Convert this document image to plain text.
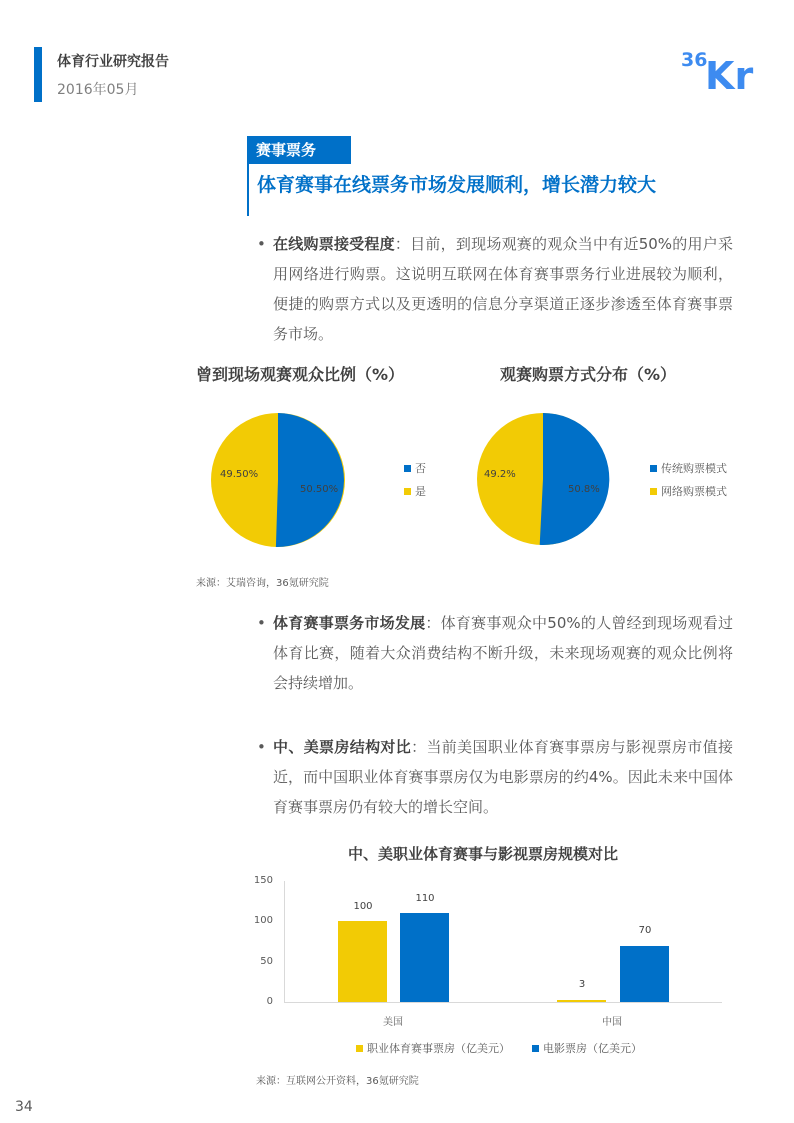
体育行业研究报告
2016年05月
36
Kr
赛事票务
体育赛事在线票务市场发展顺利，增长潜力较大
• 在线购票接受程度：目前，到现场观赛的观众当中有近50%的用户采用网络进行购票。这说明互联网在体育赛事票务行业进展较为顺利，便捷的购票方式以及更透明的信息分享渠道正逐步渗透至体育赛事票务市场。
曾到现场观赛观众比例（%）
49.50%
50.50%
否
是
观赛购票方式分布（%）
49.2%
50.8%
传统购票模式
网络购票模式
来源：艾瑞咨询，36氪研究院
• 体育赛事票务市场发展：体育赛事观众中50%的人曾经到现场观看过体育比赛，随着大众消费结构不断升级，未来现场观赛的观众比例将会持续增加。
• 中、美票房结构对比：当前美国职业体育赛事票房与影视票房市值接近，而中国职业体育赛事票房仅为电影票房的约4%。因此未来中国体育赛事票房仍有较大的增长空间。
中、美职业体育赛事与影视票房规模对比
150
100
50
0
100
110
3
70
美国	中国
职业体育赛事票房（亿美元）	电影票房（亿美元）
来源：互联网公开资料，36氪研究院
34
